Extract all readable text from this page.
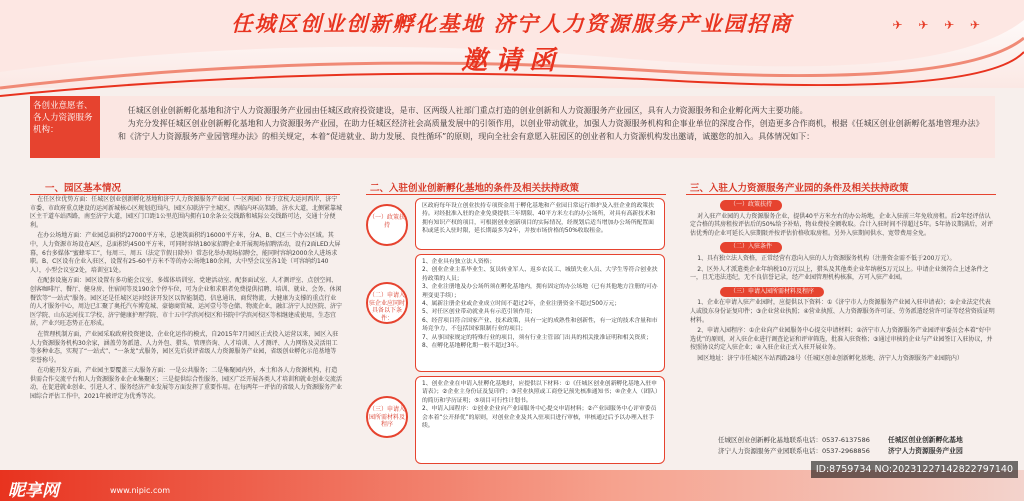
任城区创业创新孵化基地 济宁人力资源服务产业园招商
邀请函
✈ ✈ ✈ ✈
各创业意愿者、各人力资源服务机构：

任城区创业创新孵化基地和济宁人力资源服务产业园由任城区政府投资建设，是市、区两级人社部门重点打造的创业创新和人力资源服务产业园区，具有人力资源服务和企业孵化两大主要功能。

为充分发挥任城区创业创新孵化基地和人力资源服务产业园，在助力任城区经济社会高质量发展中的引领作用，以创业带动就业，加强人力资源服务机构和企事业单位的深度合作，创造更多合作商机，根据《任城区创业创新孵化基地管理办法》和《济宁人力资源服务产业园管理办法》的相关规定，本着“促进就业、助力发展、良性循环”的原则，现向全社会有意愿入驻园区的创业者和人力资源机构发出邀请，诚邀您的加入。具体情况如下：

一、园区基本情况	二、入驻创业创新孵化基地的条件及相关扶持政策	三、入驻人力资源服务产业园的条件及相关扶持政策

在任区位优势方面：任城区创业创新孵化基地和济宁人力资源服务产业园（一区两园）位于京杭大运河西岸，济宁市委、市政府重点建设的运河新城核心区规划范围内，园区东联济宁主城区，西临内环高架路，济水大道，北侧紧靠城区主干道车站西路，南至济宁大道，园区门口距1公里范围内拥有10余条公交线路和城际公交线路可达，交通十分便利。

在办公场地方面：产业园总面积约27000平方米，总建筑面积约16000平方米，分A、B、C区三个办公区域。其中，人力资源市场设在A区，总面积约4500平方米，可同时容纳180家招聘企业开展现场招聘活动，设有2面LED大屏幕，6台多媒体“蜜蜂零工”，每周三、周五（法定节假日除外）常态化举办现场招聘会，能同时容纳2000余人进场求职。B、C区设有企业入驻区，设置有25-60平方米不等的办公场地180余间，大中型会议室各1处（可容纳约140人），小型会议室2处，培训室1处。

在配套设施方面：园区设置有多功能会议室、多媒体培训室、党建活动室、配套面试室、人才测评室、点创空间、创客咖啡厅、餐厅、健身房、住宿间等及190余个停车位，可为企业和求职者免费提供招聘、培训、就业、会务、休闲餐饮等“一站式”服务。园区还是任城区运河经济开发区以智能制造、信息通讯、商贸物流、大健康为支撑的重点行业的人才服务中心，周边已汇聚了奥托汽车博览城、豪德商贸城、运河壹号等仓储、物流企业，融汇济宁人民医院、济宁医学院、山东运河技工学校、济宁健康护理学院、市十五中学滨河校区和书院中学滨河校区等相继建成使用，生态宜居，产业兴旺态势正在形成。

在管理机制方面，产业园采取政府投资建设、企业化运作的模式，自2015年7月园区正式投入运营以来，园区入驻人力资源服务机构30余家，涵盖劳务派遣、人力外包、猎头、管理咨询、人才培训、人才测评、人力网络及灵活用工等多种业态，实现了“一站式”、“一条龙”式服务，园区先后获评省级人力资源服务产业园，省级创业孵化示范基地等荣誉称号。

在功能开发方面，产业园主要覆盖三大服务方面：一是公共服务；二是集聚园内外，本土和各人力资源机构，打造供需合作交流平台和人力资源服务业企业集聚区；三是提供综合性服务，园区广泛开展各类人才培训和就业创业交流活动，在促进就业创业、引进人才、服务经济产业发展等方面发挥了重要作用。在每两年一评估的省级人力资源服务产业园综合评估工作中，2021年被评定为优秀等次。

（一）政策扶持
区政府每年设立创业扶持专项资金用于孵化基地和产业园日常运行维护及入驻企业的政策扶持。对经批准入驻的企业免费提供三年期限、40平方米左右的办公场所，对具有高新技术和拥有知识产权的项目，可根据创业创新项目的实际情况，经规划后适当增加办公场所配置面积或延长入驻时限，延长期最多为2年，并按市场价格的50%收取租金。
（二）申请入驻企业应同时具备以下条件：
1、企业具有独立法人资格；
2、创业企业主系毕业生、复员转业军人、返乡农民工、城镇失业人员、大学生等符合创业扶持政策的人员；
3、企业注册地及办公场所须在孵化基地内，拥有固定的办公场地（已有其他地方注册的可办理变更手续）；
4、属新注册企业或企业成立时间不超过2年，企业注册资金不超过500万元；
5、对任区创业带动就业具有示范引领作用；
6、经营项目符合国家产业、技术政策，具有一定的成熟性和创新性，有一定的技术含量和市场竞争力，不包括国家限制行业的项目；
7、从事国家规定的特殊行业的项目，须有行业主管部门出具的相关批准证明和相关资质；
8、在孵化基地孵化期一般不超过3年。
（三）申请入园所需材料及程序
1、创业企业在申请入驻孵化基地时，应提供以下材料：①《任城区创业创新孵化基地入驻申请表》；②企业主身份证及复印件；③营业执照或工商登记预先核准通知书；④企业人（团队）的简历和学历证明；⑤项目可行性计划书。
2、申请入园程序：①创业企业向产业园服务中心提交申请材料；②产业园服务中心评审委员会本着“公开择优”的原则，对创业企业及其入驻项目进行审核，审核通过后予以办理入驻手续。
（一）政策扶持

对入驻产业园的人力资源服务企业，提供40平方米左右的办公场地，企业入驻前三年免收房租。后2年经评估认定合格的其房租按评估后的50%给予补贴，物业费按全额收取。合计入驻时间不得超过5年。5年协议期满后，对评估优秀的企业可延长入驻期限并按评估价格收取房租。另外入驻期间供水、宽带费用全免。

（二）入驻条件

1、具有独立法人资格，正常经营有意向入驻的人力资源服务机构（注册资金需不低于200万元）。

2、区外人才派遣类企业年纳税10万元以上，猎头及其他类企业年纳税5万元以上。申请企业须符合上述条件之一，且无违法违纪，无不良信誉记录，经产业园管理机构核准，方可入驻产业园。

（三）申请入园所需材料及程序

1、企业在申请入驻产业园时，应提供以下资料：①《济宁市人力资源服务产业园入驻申请表》；②企业法定代表人或股东身份证复印件；③企业营业执照；④营业执照、人力资源服务许可证、劳务派遣经营许可证等经营资质证明材料。

2、申请入园程序：①企业向产业园服务中心提交申请材料；②济宁市人力资源服务产业园评审委员会本着“好中选优”的原则，对入驻企业进行调查论证和评审筛选，批准入驻资格；③通过审核的企业与产业园签订入驻协议，并按照协议约定入驻企业；④入驻企业正式入驻开展业务。

园区地址：济宁市任城区车站西路28号（任城区创业创新孵化基地、济宁人力资源服务产业园院内）

任城区创业创新孵化基地联系电话：0537-6137586
济宁人力资源服务产业园联系电话：0537-2968856
任城区创业创新孵化基地
济宁人力资源服务产业园
昵享网	www.nipic.com
ID:8759734 NO:20231227142822797140
